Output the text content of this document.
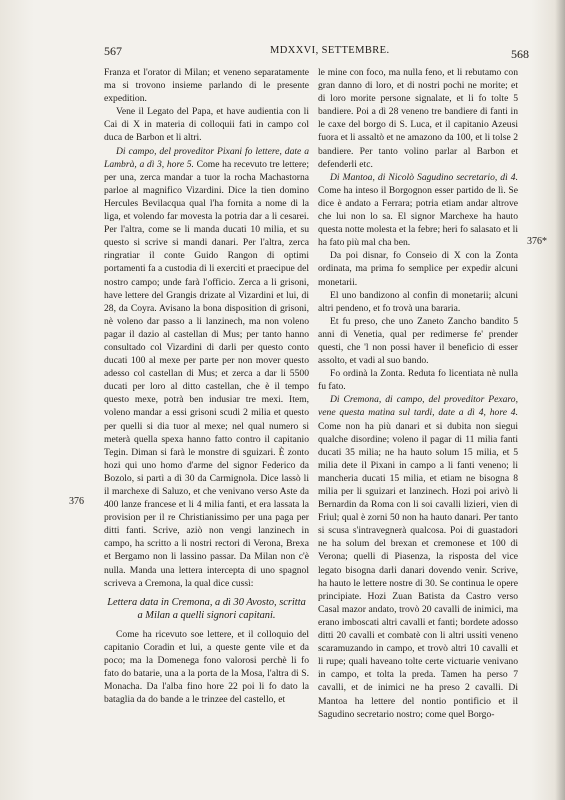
567	MDXXVI, SETTEMBRE.	568
376
376*

Franza et l'orator di Milan; et veneno separatamente ma si trovono insieme parlando di le presente expedition.

Vene il Legato del Papa, et have audientia con li Cai di X in materia di colloquii fati in campo col duca de Barbon et li altri.

Di campo, del proveditor Pixani fo lettere, date a Lambrà, a dì 3, hore 5. Come ha recevuto tre lettere; per una, zerca mandar a tuor la rocha Machastorna parloe al magnifico Vizardini. Dice la tien domino Hercules Bevilacqua qual l'ha fornita a nome di la liga, et volendo far movesta la potria dar a li cesarei. Per l'altra, come se li manda ducati 10 milia, et su questo si scrive si mandi danari. Per l'altra, zerca ringratiar il conte Guido Rangon di optimi portamenti fa a custodia di li exerciti et praecipue del nostro campo; unde farà l'officio. Zerca a li grisoni, have lettere del Grangis drizate al Vizardini et lui, di 28, da Coyra. Avisano la bona disposition di grisoni, nè voleno dar passo a li lanzinech, ma non voleno pagar il dazio al castellan di Mus; per tanto hanno consultado col Vizardini di darli per questo conto ducati 100 al mexe per parte per non mover questo adesso col castellan di Mus; et zerca a dar li 5500 ducati per loro al ditto castellan, che è il tempo questo mexe, potrà ben indusiar tre mexi. Item, voleno mandar a essi grisoni scudi 2 milia et questo per quelli si dia tuor al mexe; nel qual numero si meterà quella spexa hanno fatto contro il capitanio Tegin. Diman si farà le monstre di sguizari. È zonto hozi qui uno homo d'arme del signor Federico da Bozolo, si partì a dì 30 da Carmignola. Dice lassò li il marchexe di Saluzo, et che venivano verso Aste da 400 lanze francese et li 4 milia fanti, et era lassata la provision per il re Christianissimo per una paga per ditti fanti. Scrive, aziò non vengi lanzinech in campo, ha scritto a li nostri rectori di Verona, Brexa et Bergamo non li lassino passar. Da Milan non c'è nulla. Manda una lettera intercepta di uno spagnol scriveva a Cremona, la qual dice cussì:

Lettera data in Cremona, a dì 30 Avosto, scritta a Milan a quelli signori capitani.

Come ha ricevuto soe lettere, et il colloquio del capitanio Coradin et lui, a queste gente vile et da poco; ma la Domenega fono valorosi perchè li fo fato do batarie, una a la porta de la Mosa, l'altra di S. Monacha. Da l'alba fino hore 22 poi li fo dato la bataglia da do bande a le trinzee del castello, et

le mine con foco, ma nulla feno, et li rebutamo con gran danno di loro, et di nostri pochi ne morite; et di loro morite persone signalate, et li fo tolte 5 bandiere. Poi a dì 28 veneno tre bandiere di fanti in le caxe del borgo di S. Luca, et il capitanio Azeusi fuora et li assaltò et ne amazono da 100, et li tolse 2 bandiere. Per tanto volino parlar al Barbon et defenderli etc.

Di Mantoa, di Nicolò Sagudino secretario, dì 4. Come ha inteso il Borgognon esser partido de lì. Se dice è andato a Ferrara; potria etiam andar altrove che lui non lo sa. El signor Marchexe ha hauto questa notte molesta et la febre; heri fo salasato et li ha fato più mal cha ben.

Da poi disnar, fo Conseio di X con la Zonta ordinata, ma prima fo semplice per expedir alcuni monetarii.

El uno bandizono al confin di monetarii; alcuni altri pendeno, et fo trovà una bararia.

Et fu preso, che uno Zaneto Zancho bandito 5 anni di Venetia, qual per redimerse fe' prender questi, che 'l non possi haver il beneficio di esser assolto, et vadi al suo bando.

Fo ordinà la Zonta. Reduta fo licentiata nè nulla fu fato.

Di Cremona, di campo, del proveditor Pexaro, vene questa matina sul tardi, date a dì 4, hore 4. Come non ha più danari et si dubita non siegui qualche disordine; voleno il pagar di 11 milia fanti ducati 35 milia; ne ha hauto solum 15 milia, et 5 milia dete il Pixani in campo a li fanti veneno; li mancheria ducati 15 milia, et etiam ne bisogna 8 milia per li sguizari et lanzinech. Hozi poi arivò li Bernardin da Roma con li soi cavalli lizieri, vien di Friul; qual è zorni 50 non ha hauto danari. Per tanto si scusa s'intravegnerà qualcosa. Poi di guastadori ne ha solum del brexan et cremonese et 100 di Verona; quelli di Piasenza, la risposta del vice legato bisogna darli danari dovendo venir. Scrive, ha hauto le lettere nostre di 30. Se continua le opere principiate. Hozi Zuan Batista da Castro verso Casal mazor andato, trovò 20 cavalli de inimici, ma erano imboscati altri cavalli et fanti; bordete adosso ditti 20 cavalli et combatè con li altri ussiti veneno scaramuzando in campo, et trovò altri 10 cavalli et li rupe; quali haveano tolte certe victuarie venivano in campo, et tolta la preda. Tamen ha perso 7 cavalli, et de inimici ne ha preso 2 cavalli. Di Mantoa ha lettere del nontio pontificio et il Sagudino secretario nostro; come quel Borgo-
